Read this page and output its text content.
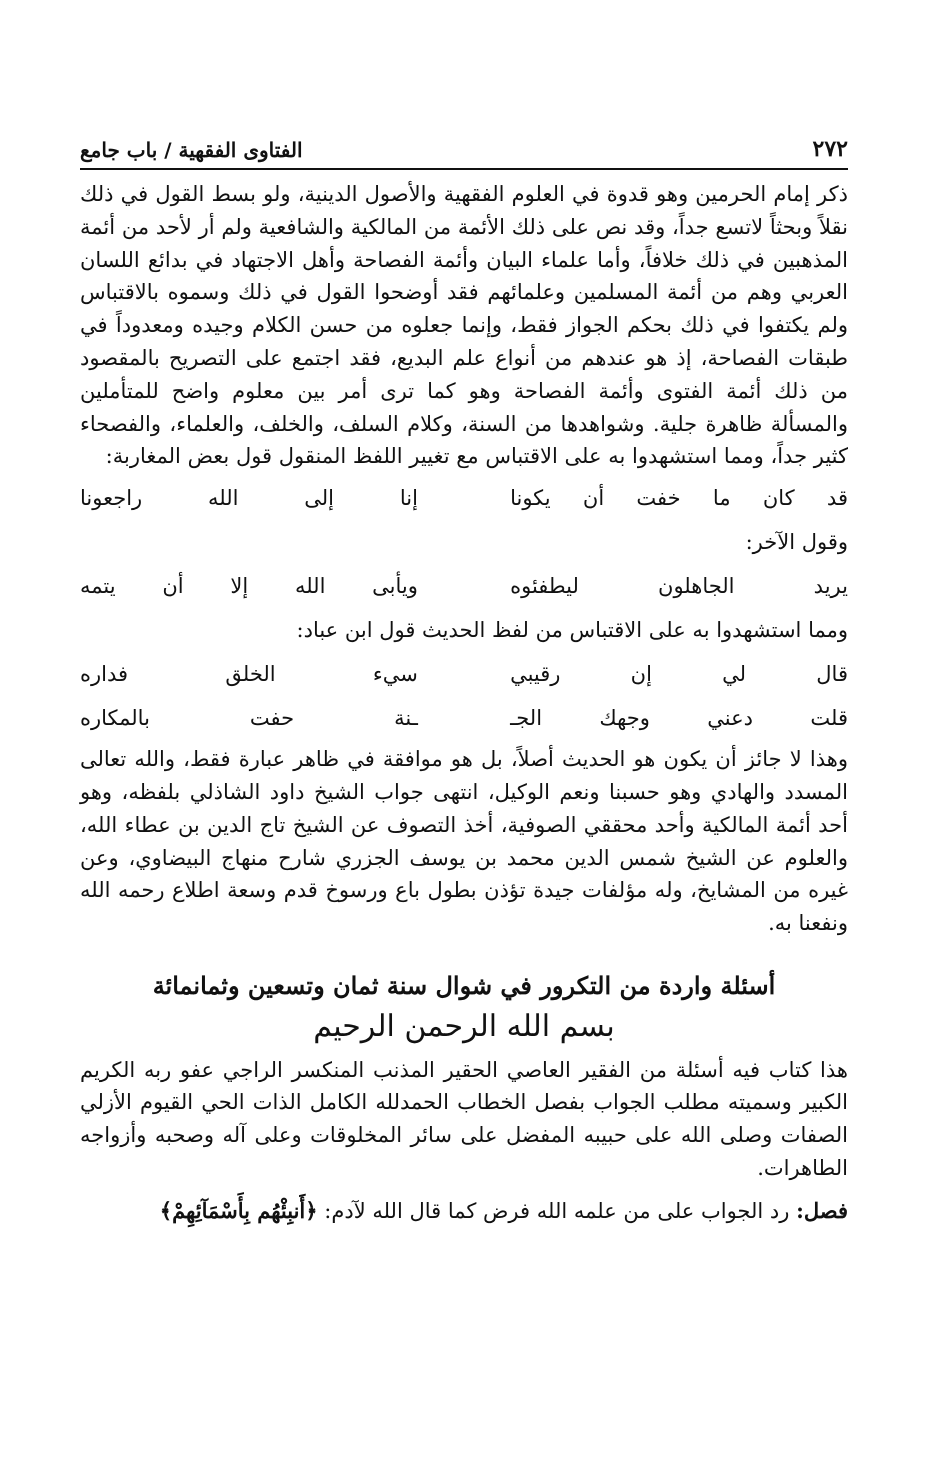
٢٧٢
الفتاوى الفقهية / باب جامع

ذكر إمام الحرمين وهو قدوة في العلوم الفقهية والأصول الدينية، ولو بسط القول في ذلك نقلاً وبحثاً لاتسع جداً، وقد نص على ذلك الأئمة من المالكية والشافعية ولم أر لأحد من أئمة المذهبين في ذلك خلافاً، وأما علماء البيان وأئمة الفصاحة وأهل الاجتهاد في بدائع اللسان العربي وهم من أئمة المسلمين وعلمائهم فقد أوضحوا القول في ذلك وسموه بالاقتباس ولم يكتفوا في ذلك بحكم الجواز فقط، وإنما جعلوه من حسن الكلام وجيده ومعدوداً في طبقات الفصاحة، إذ هو عندهم من أنواع علم البديع، فقد اجتمع على التصريح بالمقصود من ذلك أئمة الفتوى وأئمة الفصاحة وهو كما ترى أمر بين معلوم واضح للمتأملين والمسألة ظاهرة جلية. وشواهدها من السنة، وكلام السلف، والخلف، والعلماء، والفصحاء كثير جداً، ومما استشهدوا به على الاقتباس مع تغيير اللفظ المنقول قول بعض المغاربة:

قد كان ما خفت أن يكونا
إنا إلى الله راجعونا

وقول الآخر:

يريد الجاهلون ليطفئوه
ويأبى الله إلا أن يتمه

ومما استشهدوا به على الاقتباس من لفظ الحديث قول ابن عباد:

قال لي إن رقيبي
سيء الخلق فداره
قلت دعني وجهك الجـ
ـنة حفت بالمكاره

وهذا لا جائز أن يكون هو الحديث أصلاً، بل هو موافقة في ظاهر عبارة فقط، والله تعالى المسدد والهادي وهو حسبنا ونعم الوكيل، انتهى جواب الشيخ داود الشاذلي بلفظه، وهو أحد أئمة المالكية وأحد محققي الصوفية، أخذ التصوف عن الشيخ تاج الدين بن عطاء الله، والعلوم عن الشيخ شمس الدين محمد بن يوسف الجزري شارح منهاج البيضاوي، وعن غيره من المشايخ، وله مؤلفات جيدة تؤذن بطول باع ورسوخ قدم وسعة اطلاع رحمه الله ونفعنا به.

أسئلة واردة من التكرور في شوال سنة ثمان وتسعين وثمانمائة
بسم الله الرحمن الرحيم

هذا كتاب فيه أسئلة من الفقير العاصي الحقير المذنب المنكسر الراجي عفو ربه الكريم الكبير وسميته مطلب الجواب بفصل الخطاب الحمدلله الكامل الذات الحي القيوم الأزلي الصفات وصلى الله على حبيبه المفضل على سائر المخلوقات وعلى آله وصحبه وأزواجه الطاهرات.

فصل: رد الجواب على من علمه الله فرض كما قال الله لآدم: ﴿أَنبِئْهُم بِأَسْمَآئِهِمْ﴾
